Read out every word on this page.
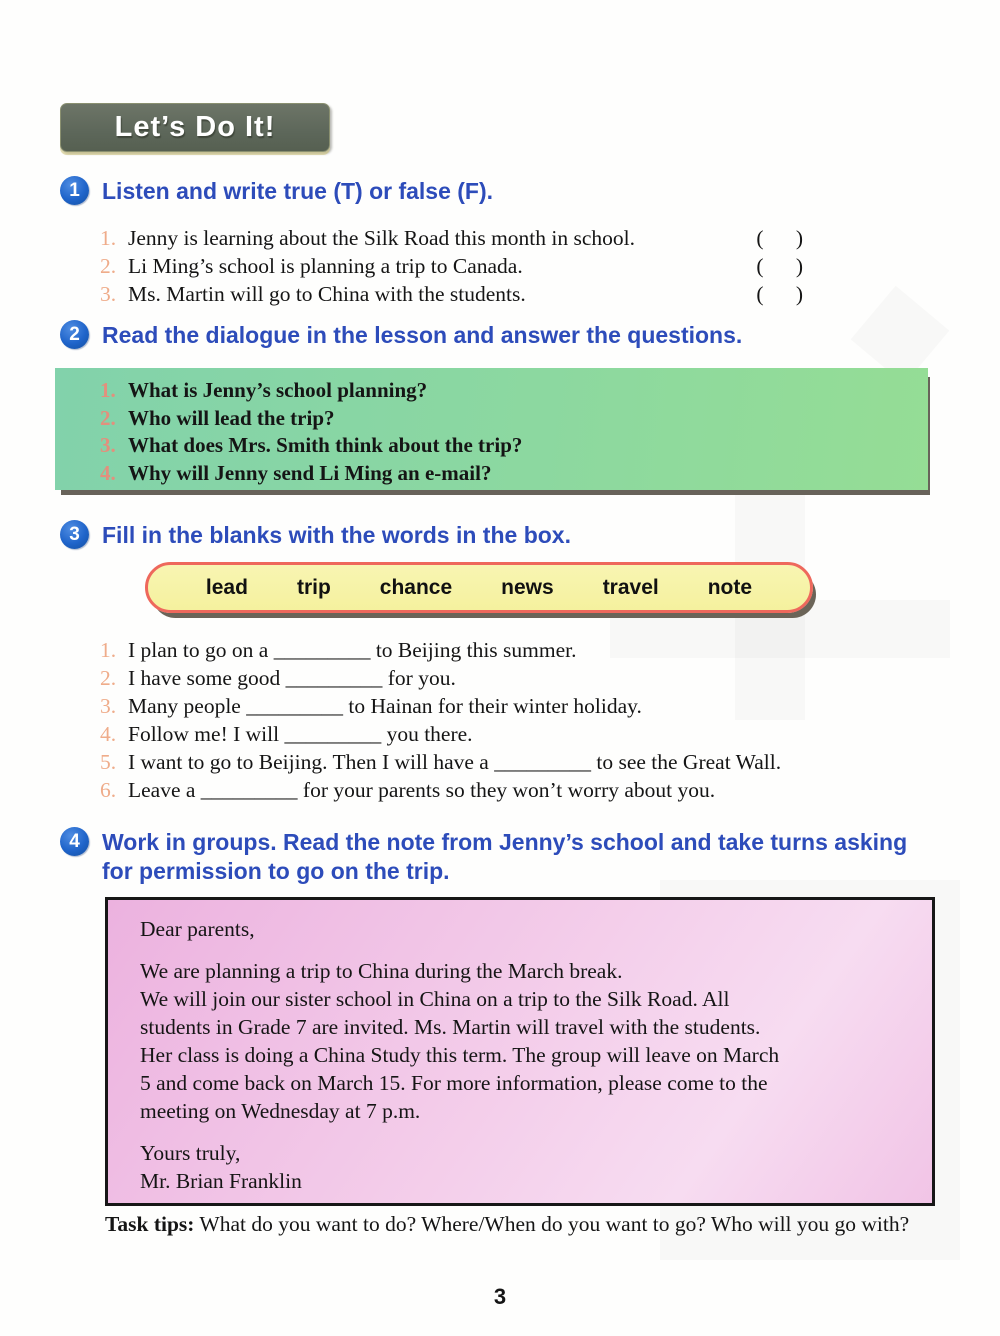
Let’s Do It!
1 Listen and write true (T) or false (F).
1. Jenny is learning about the Silk Road this month in school.	(      )
2. Li Ming’s school is planning a trip to Canada.	(      )
3. Ms. Martin will go to China with the students.	(      )
2 Read the dialogue in the lesson and answer the questions.
1. What is Jenny’s school planning?
2. Who will lead the trip?
3. What does Mrs. Smith think about the trip?
4. Why will Jenny send Li Ming an e-mail?
3 Fill in the blanks with the words in the box.
lead trip chance news travel note
1. I plan to go on a _________ to Beijing this summer.
2. I have some good _________ for you.
3. Many people _________ to Hainan for their winter holiday.
4. Follow me! I will _________ you there.
5. I want to go to Beijing. Then I will have a _________ to see the Great Wall.
6. Leave a _________ for your parents so they won’t worry about you.
4 Work in groups. Read the note from Jenny’s school and take turns asking for permission to go on the trip.
Dear parents,
We are planning a trip to China during the March break.
We will join our sister school in China on a trip to the Silk Road. All
students in Grade 7 are invited. Ms. Martin will travel with the students.
Her class is doing a China Study this term. The group will leave on March
5 and come back on March 15. For more information, please come to the
meeting on Wednesday at 7 p.m.
Yours truly,
Mr. Brian Franklin
Task tips: What do you want to do? Where/When do you want to go? Who will you go with?
3
